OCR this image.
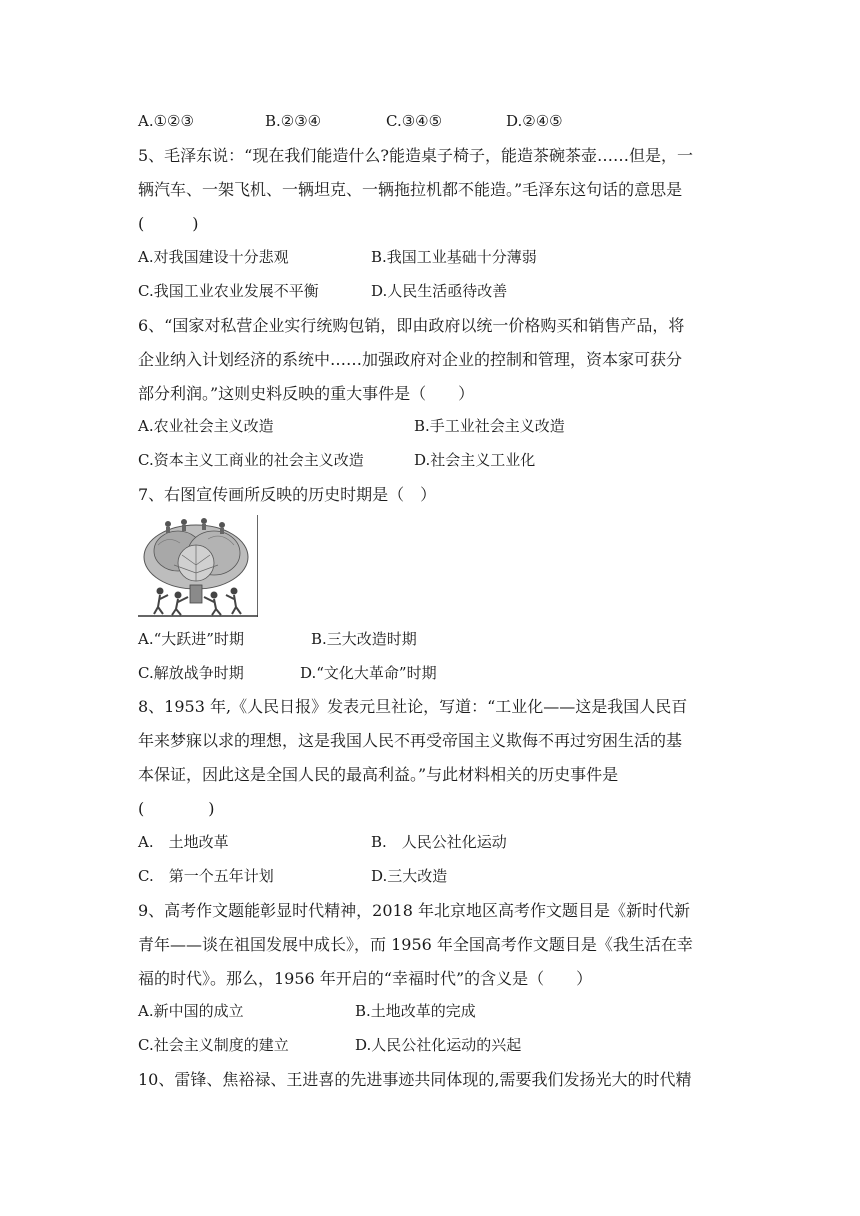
A.①②③	B.②③④	C.③④⑤	D.②④⑤
5、毛泽东说：“现在我们能造什么?能造桌子椅子，能造茶碗茶壶……但是，一
辆汽车、一架飞机、一辆坦克、一辆拖拉机都不能造。”毛泽东这句话的意思是
(　　　)
A.对我国建设十分悲观	B.我国工业基础十分薄弱
C.我国工业农业发展不平衡	D.人民生活亟待改善
6、“国家对私营企业实行统购包销，即由政府以统一价格购买和销售产品，将
企业纳入计划经济的系统中……加强政府对企业的控制和管理，资本家可获分
部分利润。”这则史料反映的重大事件是（　　）
A.农业社会主义改造	B.手工业社会主义改造
C.资本主义工商业的社会主义改造	D.社会主义工业化
7、右图宣传画所反映的历史时期是（　）
A.“大跃进”时期	B.三大改造时期
C.解放战争时期	D.“文化大革命”时期
8、1953 年,《人民日报》发表元旦社论，写道：“工业化——这是我国人民百
年来梦寐以求的理想，这是我国人民不再受帝国主义欺侮不再过穷困生活的基
本保证，因此这是全国人民的最高利益。”与此材料相关的历史事件是
(　　　　)
A.　土地改革	B.　人民公社化运动
C.　第一个五年计划	D.三大改造
9、高考作文题能彰显时代精神，2018 年北京地区高考作文题目是《新时代新
青年——谈在祖国发展中成长》，而 1956 年全国高考作文题目是《我生活在幸
福的时代》。那么，1956 年开启的“幸福时代”的含义是（　　）
A.新中国的成立	B.土地改革的完成
C.社会主义制度的建立	D.人民公社化运动的兴起
10、雷锋、焦裕禄、王进喜的先进事迹共同体现的,需要我们发扬光大的时代精
